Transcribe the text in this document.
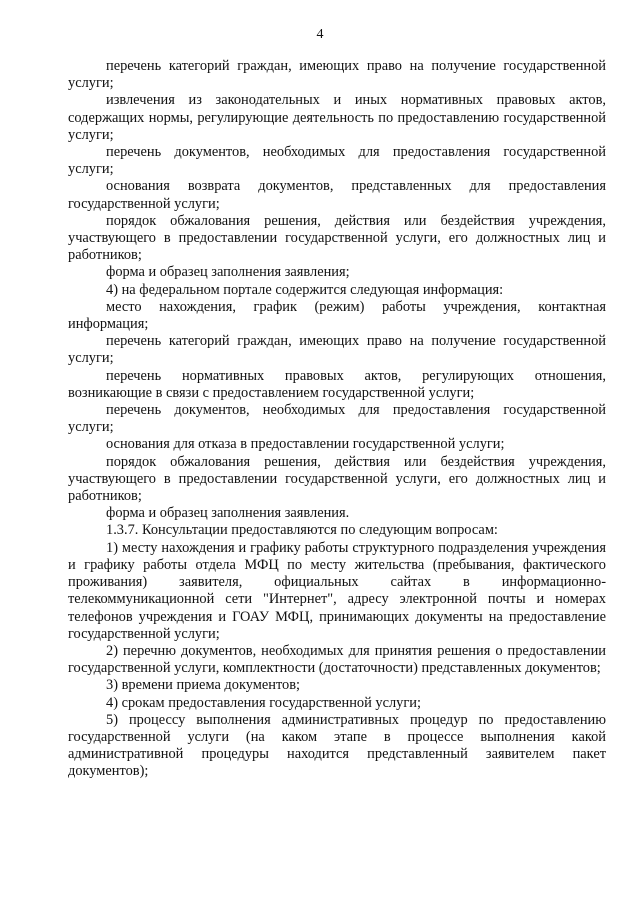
4

перечень категорий граждан, имеющих право на получение государственной услуги;

извлечения из законодательных и иных нормативных правовых актов, содержащих нормы, регулирующие деятельность по предоставлению государственной услуги;

перечень документов, необходимых для предоставления государственной услуги;

основания возврата документов, представленных для предоставления государственной услуги;

порядок обжалования решения, действия или бездействия учреждения, участвующего в предоставлении государственной услуги, его должностных лиц и работников;

форма и образец заполнения заявления;

4) на федеральном портале содержится следующая информация:

место нахождения, график (режим) работы учреждения, контактная информация;

перечень категорий граждан, имеющих право на получение государственной услуги;

перечень нормативных правовых актов, регулирующих отношения, возникающие в связи с предоставлением государственной услуги;

перечень документов, необходимых для предоставления государственной услуги;

основания для отказа в предоставлении государственной услуги;

порядок обжалования решения, действия или бездействия учреждения, участвующего в предоставлении государственной услуги, его должностных лиц и работников;

форма и образец заполнения заявления.

1.3.7. Консультации предоставляются по следующим вопросам:

1) месту нахождения и графику работы структурного подразделения учреждения и графику работы отдела МФЦ по месту жительства (пребывания, фактического проживания) заявителя, официальных сайтах в информационно-телекоммуникационной сети "Интернет", адресу электронной почты и номерах телефонов учреждения и ГОАУ МФЦ, принимающих документы на предоставление государственной услуги;

2) перечню документов, необходимых для принятия решения о предоставлении государственной услуги, комплектности (достаточности) представленных документов;

3) времени приема документов;

4) срокам предоставления государственной услуги;

5) процессу выполнения административных процедур по предоставлению государственной услуги (на каком этапе в процессе выполнения какой административной процедуры находится представленный заявителем пакет документов);
